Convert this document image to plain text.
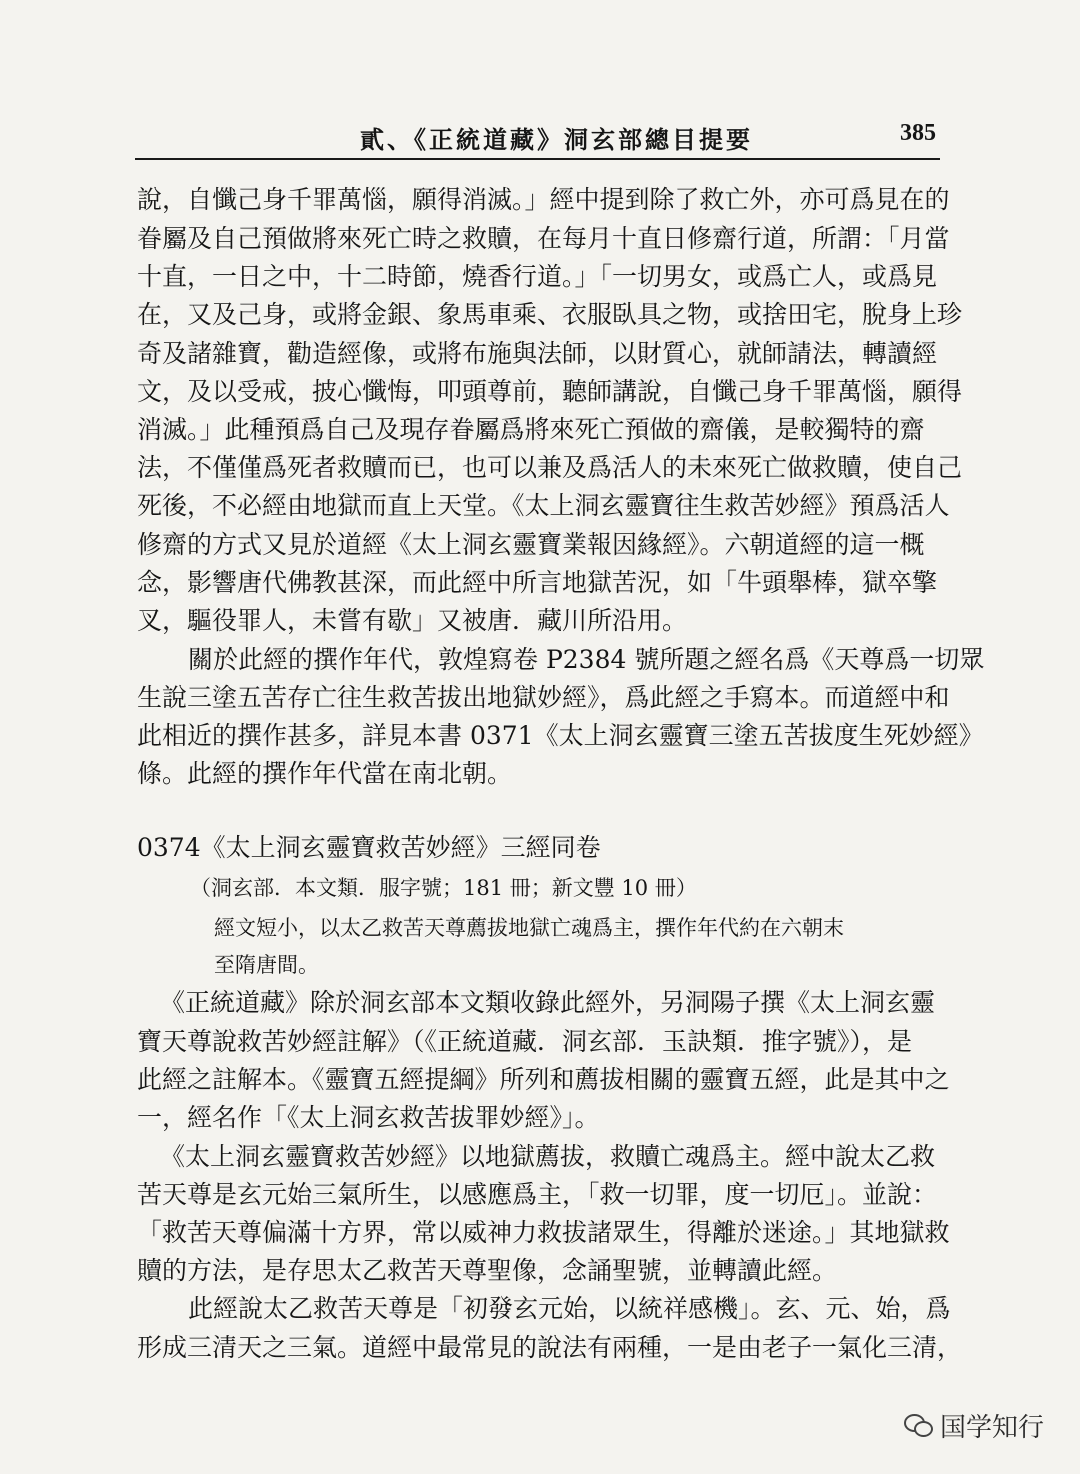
貳、《正統道藏》洞玄部總目提要	385
說，自懺己身千罪萬惱，願得消滅。」經中提到除了救亡外，亦可爲見在的
眷屬及自己預做將來死亡時之救贖，在每月十直日修齋行道，所謂：「月當
十直，一日之中，十二時節，燒香行道。」「一切男女，或爲亡人，或爲見
在，又及己身，或將金銀、象馬車乘、衣服臥具之物，或捨田宅，脫身上珍
奇及諸雜寶，勸造經像，或將布施與法師，以財質心，就師請法，轉讀經
文，及以受戒，披心懺悔，叩頭尊前，聽師講說，自懺己身千罪萬惱，願得
消滅。」此種預爲自己及現存眷屬爲將來死亡預做的齋儀，是較獨特的齋
法，不僅僅爲死者救贖而已，也可以兼及爲活人的未來死亡做救贖，使自己
死後，不必經由地獄而直上天堂。《太上洞玄靈寶往生救苦妙經》預爲活人
修齋的方式又見於道經《太上洞玄靈寶業報因緣經》。六朝道經的這一概
念，影響唐代佛教甚深，而此經中所言地獄苦況，如「牛頭舉棒，獄卒擎
叉，驅役罪人，未嘗有歇」又被唐．藏川所沿用。
關於此經的撰作年代，敦煌寫卷 P2384 號所題之經名爲《天尊爲一切眾
生說三塗五苦存亡往生救苦拔出地獄妙經》，爲此經之手寫本。而道經中和
此相近的撰作甚多，詳見本書 0371《太上洞玄靈寶三塗五苦拔度生死妙經》
條。此經的撰作年代當在南北朝。
0374《太上洞玄靈寶救苦妙經》三經同卷
（洞玄部．本文類．服字號；181 冊；新文豐 10 冊）
經文短小，以太乙救苦天尊薦拔地獄亡魂爲主，撰作年代約在六朝末
至隋唐間。
《正統道藏》除於洞玄部本文類收錄此經外，另洞陽子撰《太上洞玄靈
寶天尊說救苦妙經註解》（《正統道藏．洞玄部．玉訣類．推字號》），是
此經之註解本。《靈寶五經提綱》所列和薦拔相關的靈寶五經，此是其中之
一，經名作「《太上洞玄救苦拔罪妙經》」。
《太上洞玄靈寶救苦妙經》以地獄薦拔，救贖亡魂爲主。經中說太乙救
苦天尊是玄元始三氣所生，以感應爲主，「救一切罪，度一切厄」。並說：
「救苦天尊偏滿十方界，常以威神力救拔諸眾生，得離於迷途。」其地獄救
贖的方法，是存思太乙救苦天尊聖像，念誦聖號，並轉讀此經。
此經說太乙救苦天尊是「初發玄元始，以統祥感機」。玄、元、始，爲
形成三清天之三氣。道經中最常見的說法有兩種，一是由老子一氣化三清，
国学知行
